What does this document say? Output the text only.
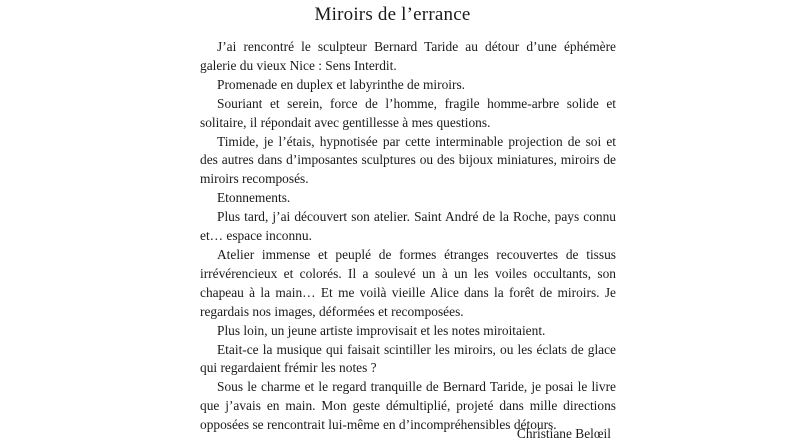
Miroirs de l’errance

J’ai rencontré le sculpteur Bernard Taride au détour d’une éphémère galerie du vieux Nice : Sens Interdit.

Promenade en duplex et labyrinthe de miroirs.

Souriant et serein, force de l’homme, fragile homme-arbre solide et solitaire, il répondait avec gentillesse à mes questions.

Timide, je l’étais, hypnotisée par cette interminable projection de soi et des autres dans d’imposantes sculptures ou des bijoux miniatures, miroirs de miroirs recomposés.

Etonnements.

Plus tard, j’ai découvert son atelier. Saint André de la Roche, pays connu et… espace inconnu.

Atelier immense et peuplé de formes étranges recouvertes de tissus irrévérencieux et colorés. Il a soulevé un à un les voiles occultants, son chapeau à la main… Et me voilà vieille Alice dans la forêt de miroirs. Je regardais nos images, déformées et recomposées.

Plus loin, un jeune artiste improvisait et les notes miroitaient.

Etait-ce la musique qui faisait scintiller les miroirs, ou les éclats de glace qui regardaient frémir les notes ?

Sous le charme et le regard tranquille de Bernard Taride, je posai le livre que j’avais en main. Mon geste démultiplié, projeté dans mille directions opposées se rencontrait lui-même en d’incompréhensibles détours.

Christiane Belœil
